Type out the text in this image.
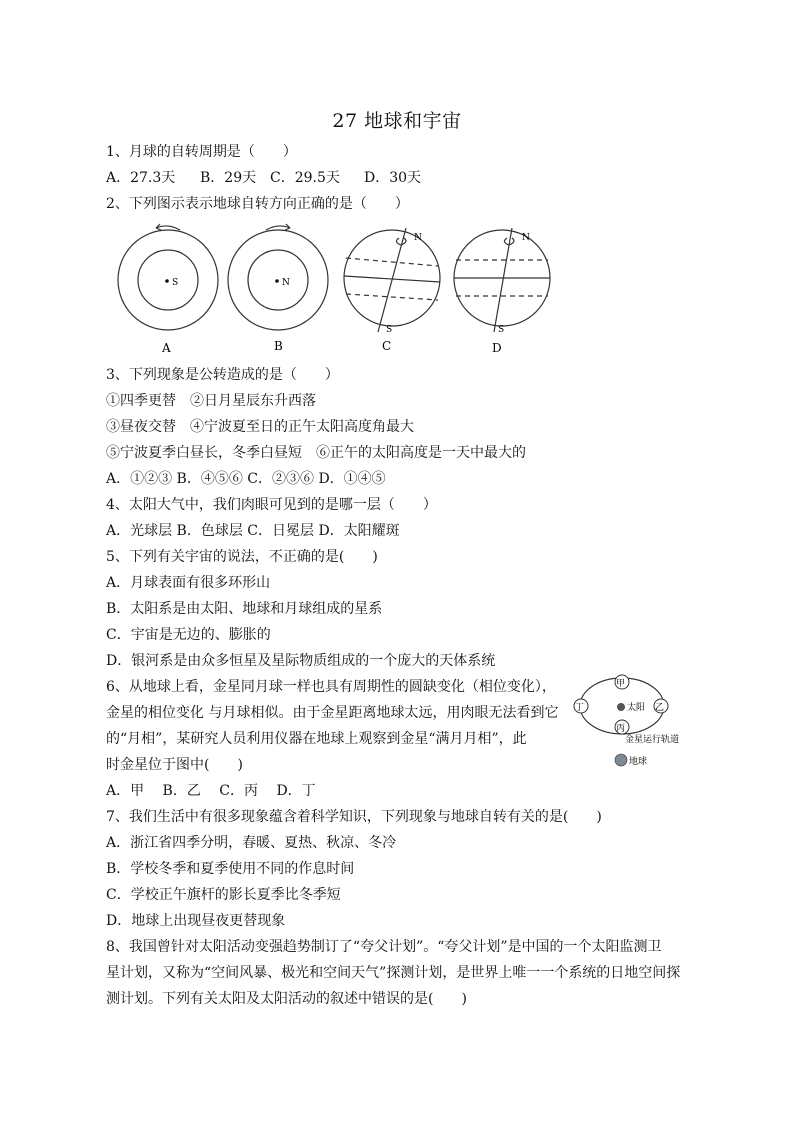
27 地球和宇宙
1、月球的自转周期是（　　）
A．27.3天 B．29天 C．29.5天 D．30天
2、下列图示表示地球自转方向正确的是（　　）
S	N
N
S
N
S
A	B	C	D
3、下列现象是公转造成的是（　　）
①四季更替　②日月星辰东升西落
③昼夜交替　④宁波夏至日的正午太阳高度角最大
⑤宁波夏季白昼长，冬季白昼短　⑥正午的太阳高度是一天中最大的
A．①②③ B．④⑤⑥ C．②③⑥ D．①④⑤
4、太阳大气中，我们肉眼可见到的是哪一层（　　）
A．光球层 B．色球层 C．日冕层 D．太阳耀斑
5、下列有关宇宙的说法，不正确的是(　　)
A．月球表面有很多环形山
B．太阳系是由太阳、地球和月球组成的星系
C．宇宙是无边的、膨胀的
D．银河系是由众多恒星及星际物质组成的一个庞大的天体系统
6、从地球上看，金星同月球一样也具有周期性的圆缺变化（相位变化），
金星的相位变化 与月球相似。由于金星距离地球太远，用肉眼无法看到它
的“月相”，某研究人员利用仪器在地球上观察到金星“满月月相”，此
时金星位于图中(　　)
A．甲　 B．乙　 C．丙　 D．丁
甲
乙
丙
丁	太阳
金星运行轨道
地球
7、我们生活中有很多现象蕴含着科学知识，下列现象与地球自转有关的是(　　)
A．浙江省四季分明，春暖、夏热、秋凉、冬冷
B．学校冬季和夏季使用不同的作息时间
C．学校正午旗杆的影长夏季比冬季短
D．地球上出现昼夜更替现象
8、我国曾针对太阳活动变强趋势制订了“夸父计划”。“夸父计划”是中国的一个太阳监测卫
星计划，又称为“空间风暴、极光和空间天气”探测计划，是世界上唯一一个系统的日地空间探
测计划。下列有关太阳及太阳活动的叙述中错误的是(　　)
